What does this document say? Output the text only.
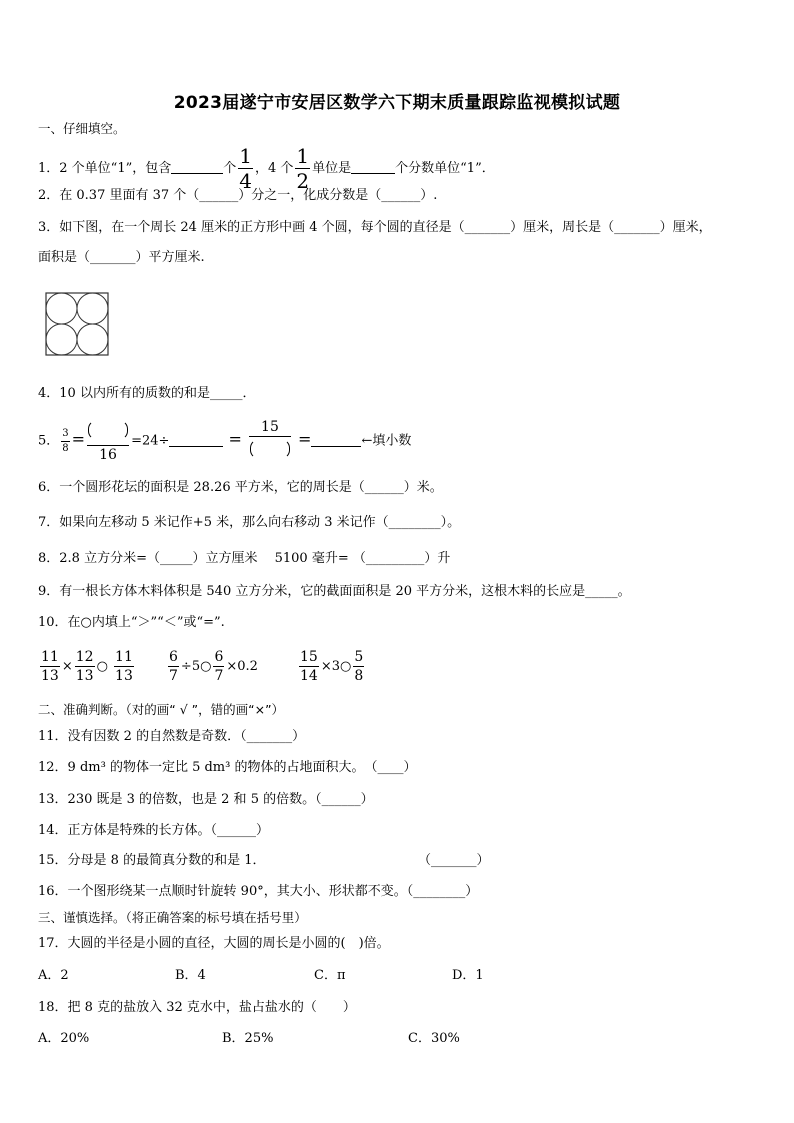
2023届遂宁市安居区数学六下期末质量跟踪监视模拟试题
一、仔细填空。
1．2 个单位“1”，包含	个 $\frac{1}{4}$ ，4 个 $\frac{1}{2}$ 单位是	个分数单位“1”．
2．在 0.37 里面有 37 个（______）分之一，化成分数是（______）.
3．如下图，在一个周长 24 厘米的正方形中画 4 个圆，每个圆的直径是（_______）厘米，周长是（_______）厘米，
面积是（_______）平方厘米.
4．10 以内所有的质数的和是_____．
5． $\frac{3}{8}$ =
16
=24÷	=
15
=	←填小数
6．一个圆形花坛的面积是 28.26 平方米，它的周长是（______）米。
7．如果向左移动 5 米记作+5 米，那么向右移动 3 米记作（________）。
8．2.8 立方分米=（_____）立方厘米　 5100 毫升= （_________）升
9．有一根长方体木料体积是 540 立方分米，它的截面面积是 20 平方分米，这根木料的长应是_____。
10．在○内填上“＞”“＜”或“=”.
$\frac{11}{13} \times \frac{12}{13}$ ○ $\frac{11}{13} \frac{6}{7}$ ÷5○ $\frac{6}{7} \times 0.2$	$\frac{15}{14}$ ×3○ $\frac{5}{8}$
二、准确判断。（对的画“ √ ”，错的画“×”）
11．没有因数 2 的自然数是奇数．（_______）
12．9 dm³ 的物体一定比 5 dm³ 的物体的占地面积大。　（____）
13．230 既是 3 的倍数，也是 2 和 5 的倍数。（______）
14．正方体是特殊的长方体。（______）
15．分母是 8 的最简真分数的和是 1．	（_______）
16．一个图形绕某一点顺时针旋转 90°，其大小、形状都不变。（________）
三、谨慎选择。（将正确答案的标号填在括号里）
17．大圆的半径是小圆的直径，大圆的周长是小圆的(　)倍。
A．2	B．4	C．π	D．1
18．把 8 克的盐放入 32 克水中，盐占盐水的（　　）
A．20%	B．25%	C．30%
